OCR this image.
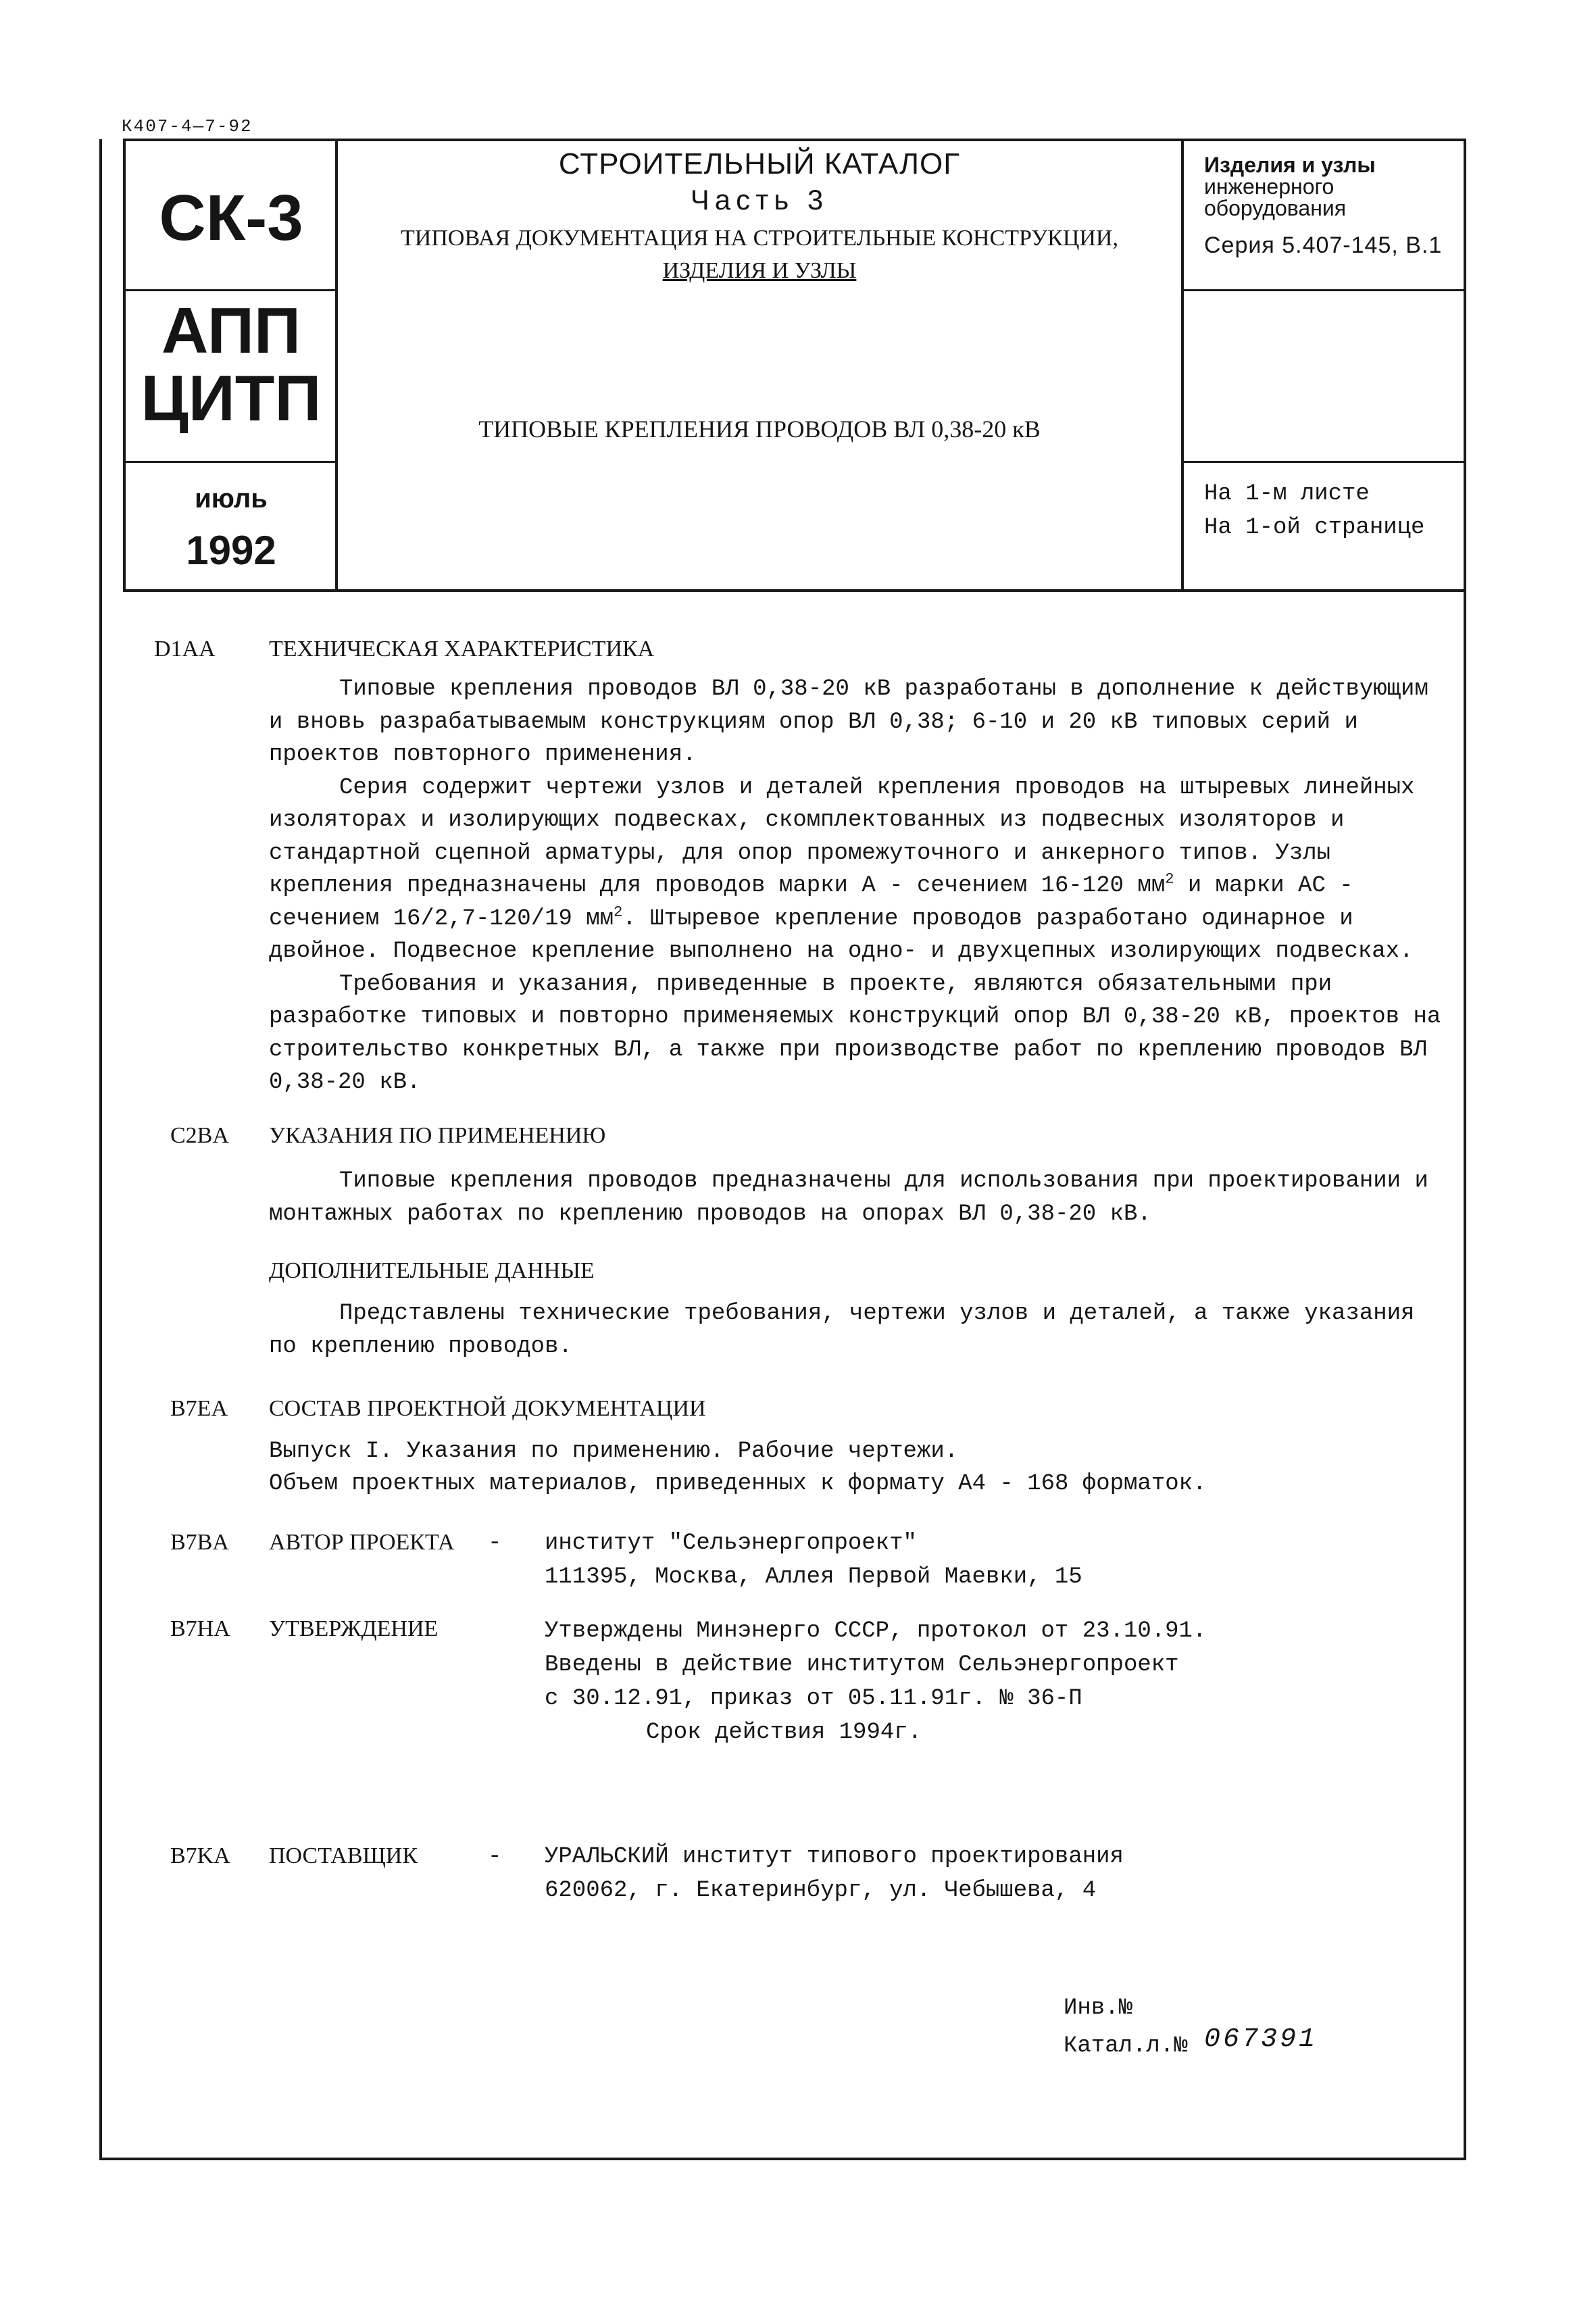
К407-4—7-92
СК-3
АПП
ЦИТП
июль
1992
СТРОИТЕЛЬНЫЙ КАТАЛОГ
Часть 3
ТИПОВАЯ ДОКУМЕНТАЦИЯ НА СТРОИТЕЛЬНЫЕ КОНСТРУКЦИИ,
ИЗДЕЛИЯ И УЗЛЫ
ТИПОВЫЕ КРЕПЛЕНИЯ ПРОВОДОВ ВЛ 0,38-20 кВ
Изделия и узлы
инженерного
оборудования
Серия 5.407-145, В.1
На 1-м листе
На 1-ой странице
D1AA ТЕХНИЧЕСКАЯ ХАРАКТЕРИСТИКА

Типовые крепления проводов ВЛ 0,38-20 кВ разработаны в дополнение к действующим и вновь разрабатываемым конструкциям опор ВЛ 0,38; 6-10 и 20 кВ типовых серий и проектов повторного применения.

Серия содержит чертежи узлов и деталей крепления проводов на штыревых линейных изоляторах и изолирующих подвесках, скомплектованных из подвесных изоляторов и стандартной сцепной арматуры, для опор промежуточного и анкерного типов. Узлы крепления предназначены для проводов марки А - сечением 16-120 $мм^2$ и марки АС - сечением 16/2,7-120/19 $мм^2$. Штыревое крепление проводов разработано одинарное и двойное. Подвесное крепление выполнено на одно- и двухцепных изолирующих подвесках.

Требования и указания, приведенные в проекте, являются обязательными при разработке типовых и повторно применяемых конструкций опор ВЛ 0,38-20 кВ, проектов на строительство конкретных ВЛ, а также при производстве работ по креплению проводов ВЛ 0,38-20 кВ.

C2BA УКАЗАНИЯ ПО ПРИМЕНЕНИЮ

Типовые крепления проводов предназначены для использования при проектировании и монтажных работах по креплению проводов на опорах ВЛ 0,38-20 кВ.

ДОПОЛНИТЕЛЬНЫЕ ДАННЫЕ

Представлены технические требования, чертежи узлов и деталей, а также указания по креплению проводов.

B7EA СОСТАВ ПРОЕКТНОЙ ДОКУМЕНТАЦИИ
Выпуск I. Указания по применению. Рабочие чертежи.
Объем проектных материалов, приведенных к формату А4 - 168 форматок.
B7BA АВТОР ПРОЕКТА - институт "Сельэнергопроект"
111395, Москва, Аллея Первой Маевки, 15
B7HA УТВЕРЖДЕНИЕ	Утверждены Минэнерго СССР, протокол от 23.10.91.
Введены в действие институтом Сельэнергопроект
с 30.12.91, приказ от 05.11.91г. № 36-П
Срок действия 1994г.
B7KA ПОСТАВЩИК	- УРАЛЬСКИЙ институт типового проектирования
620062, г. Екатеринбург, ул. Чебышева, 4
Инв.№
Катал.л.№ 067391
